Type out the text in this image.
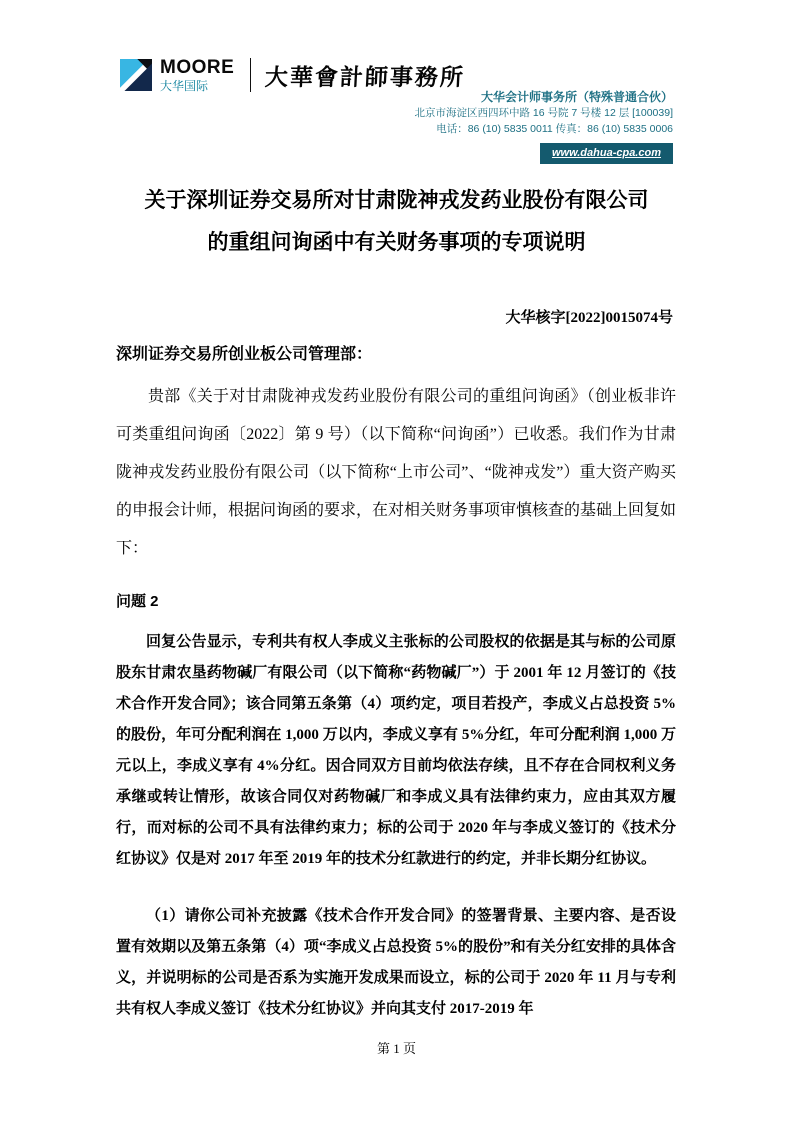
MOORE
大华国际	大華會計師事務所
大华会计师事务所（特殊普通合伙）
北京市海淀区西四环中路 16 号院 7 号楼 12 层 [100039]
电话：86 (10) 5835 0011 传真：86 (10) 5835 0006
www.dahua-cpa.com
关于深圳证券交易所对甘肃陇神戎发药业股份有限公司
的重组问询函中有关财务事项的专项说明
大华核字[2022]0015074号

深圳证券交易所创业板公司管理部：

贵部《关于对甘肃陇神戎发药业股份有限公司的重组问询函》（创业板非许可类重组问询函〔2022〕第 9 号）（以下简称“问询函”）已收悉。我们作为甘肃陇神戎发药业股份有限公司（以下简称“上市公司”、“陇神戎发”）重大资产购买的申报会计师，根据问询函的要求，在对相关财务事项审慎核查的基础上回复如下：

问题 2

回复公告显示，专利共有权人李成义主张标的公司股权的依据是其与标的公司原股东甘肃农垦药物碱厂有限公司（以下简称“药物碱厂”）于 2001 年 12 月签订的《技术合作开发合同》；该合同第五条第（4）项约定，项目若投产，李成义占总投资 5%的股份，年可分配利润在 1,000 万以内，李成义享有 5%分红，年可分配利润 1,000 万元以上，李成义享有 4%分红。因合同双方目前均依法存续，且不存在合同权利义务承继或转让情形，故该合同仅对药物碱厂和李成义具有法律约束力，应由其双方履行，而对标的公司不具有法律约束力；标的公司于 2020 年与李成义签订的《技术分红协议》仅是对 2017 年至 2019 年的技术分红款进行的约定，并非长期分红协议。

（1）请你公司补充披露《技术合作开发合同》的签署背景、主要内容、是否设置有效期以及第五条第（4）项“李成义占总投资 5%的股份”和有关分红安排的具体含义，并说明标的公司是否系为实施开发成果而设立，标的公司于 2020 年 11 月与专利共有权人李成义签订《技术分红协议》并向其支付 2017-2019 年

第 1 页
